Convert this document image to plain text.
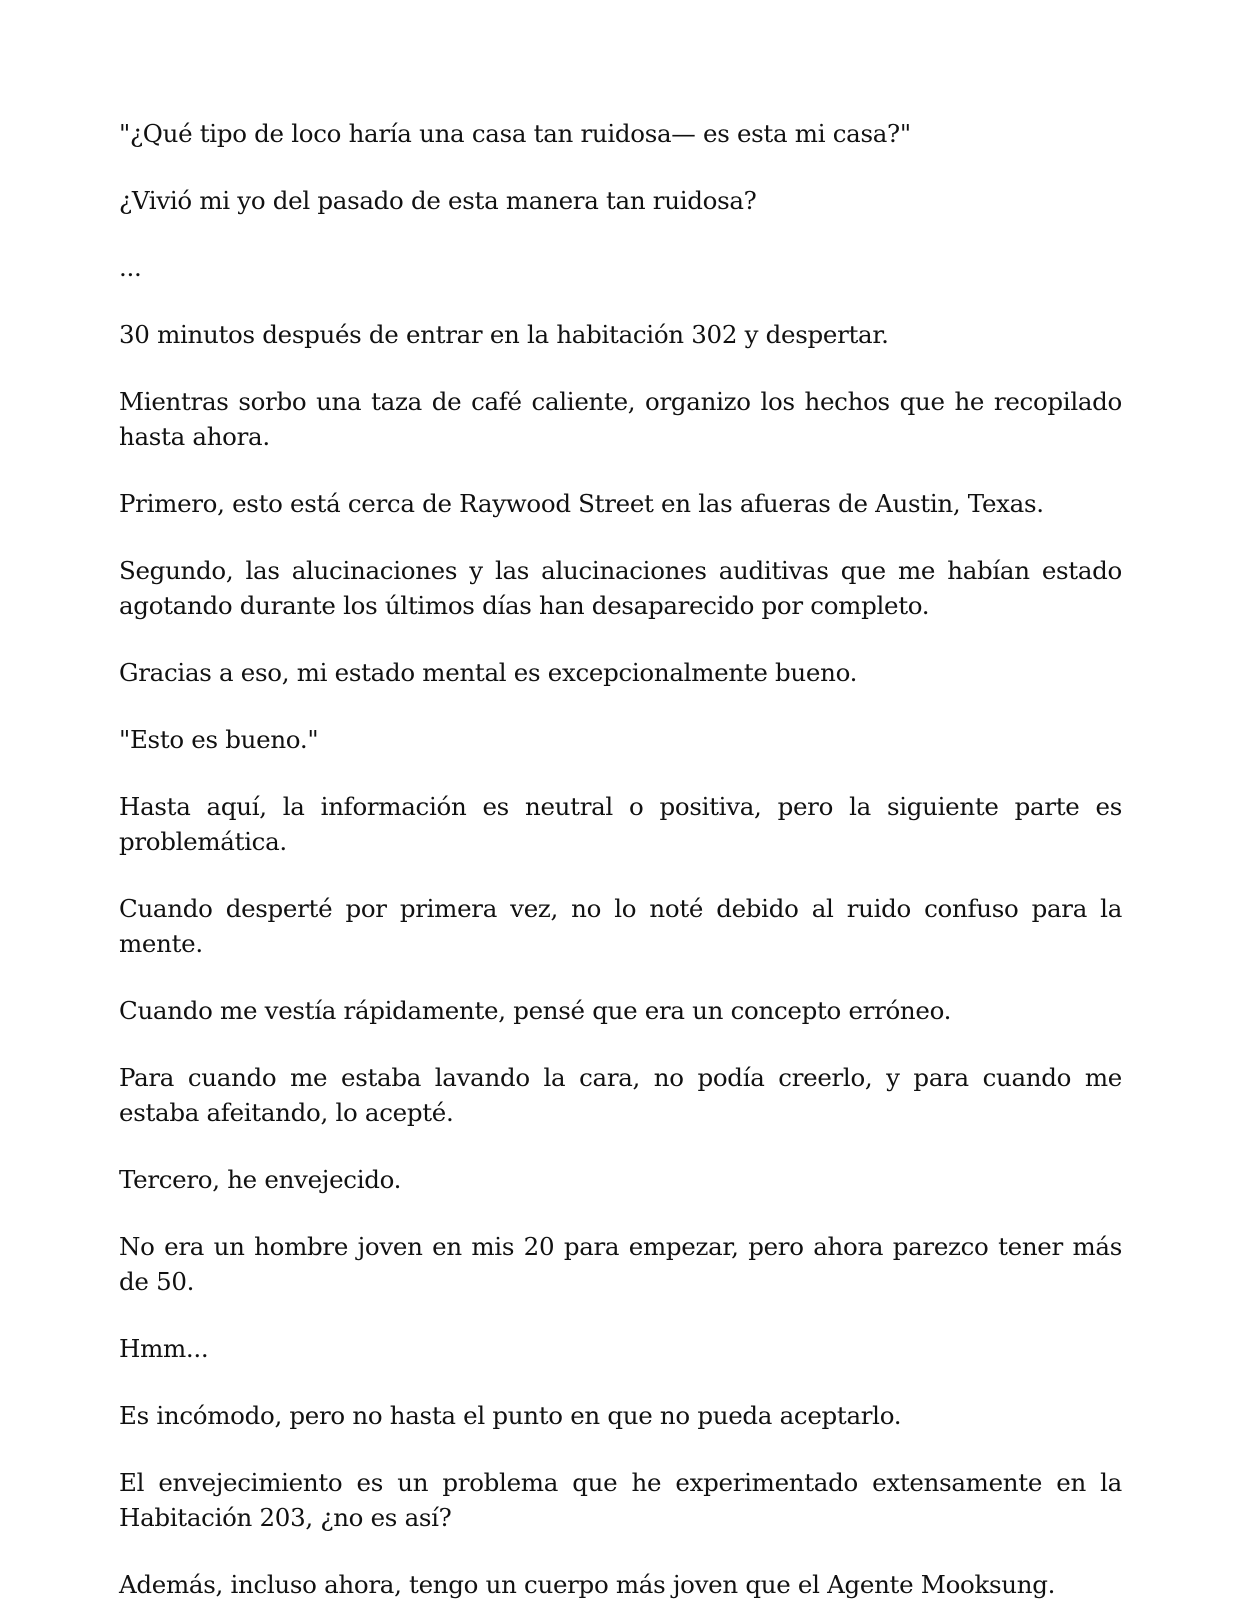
"¿Qué tipo de loco haría una casa tan ruidosa— es esta mi casa?"

¿Vivió mi yo del pasado de esta manera tan ruidosa?

...

30 minutos después de entrar en la habitación 302 y despertar.

Mientras sorbo una taza de café caliente, organizo los hechos que he recopilado hasta ahora.

Primero, esto está cerca de Raywood Street en las afueras de Austin, Texas.

Segundo, las alucinaciones y las alucinaciones auditivas que me habían estado agotando durante los últimos días han desaparecido por completo.

Gracias a eso, mi estado mental es excepcionalmente bueno.

"Esto es bueno."

Hasta aquí, la información es neutral o positiva, pero la siguiente parte es problemática.

Cuando desperté por primera vez, no lo noté debido al ruido confuso para la mente.

Cuando me vestía rápidamente, pensé que era un concepto erróneo.

Para cuando me estaba lavando la cara, no podía creerlo, y para cuando me estaba afeitando, lo acepté.

Tercero, he envejecido.

No era un hombre joven en mis 20 para empezar, pero ahora parezco tener más de 50.

Hmm...

Es incómodo, pero no hasta el punto en que no pueda aceptarlo.

El envejecimiento es un problema que he experimentado extensamente en la Habitación 203, ¿no es así?

Además, incluso ahora, tengo un cuerpo más joven que el Agente Mooksung.
